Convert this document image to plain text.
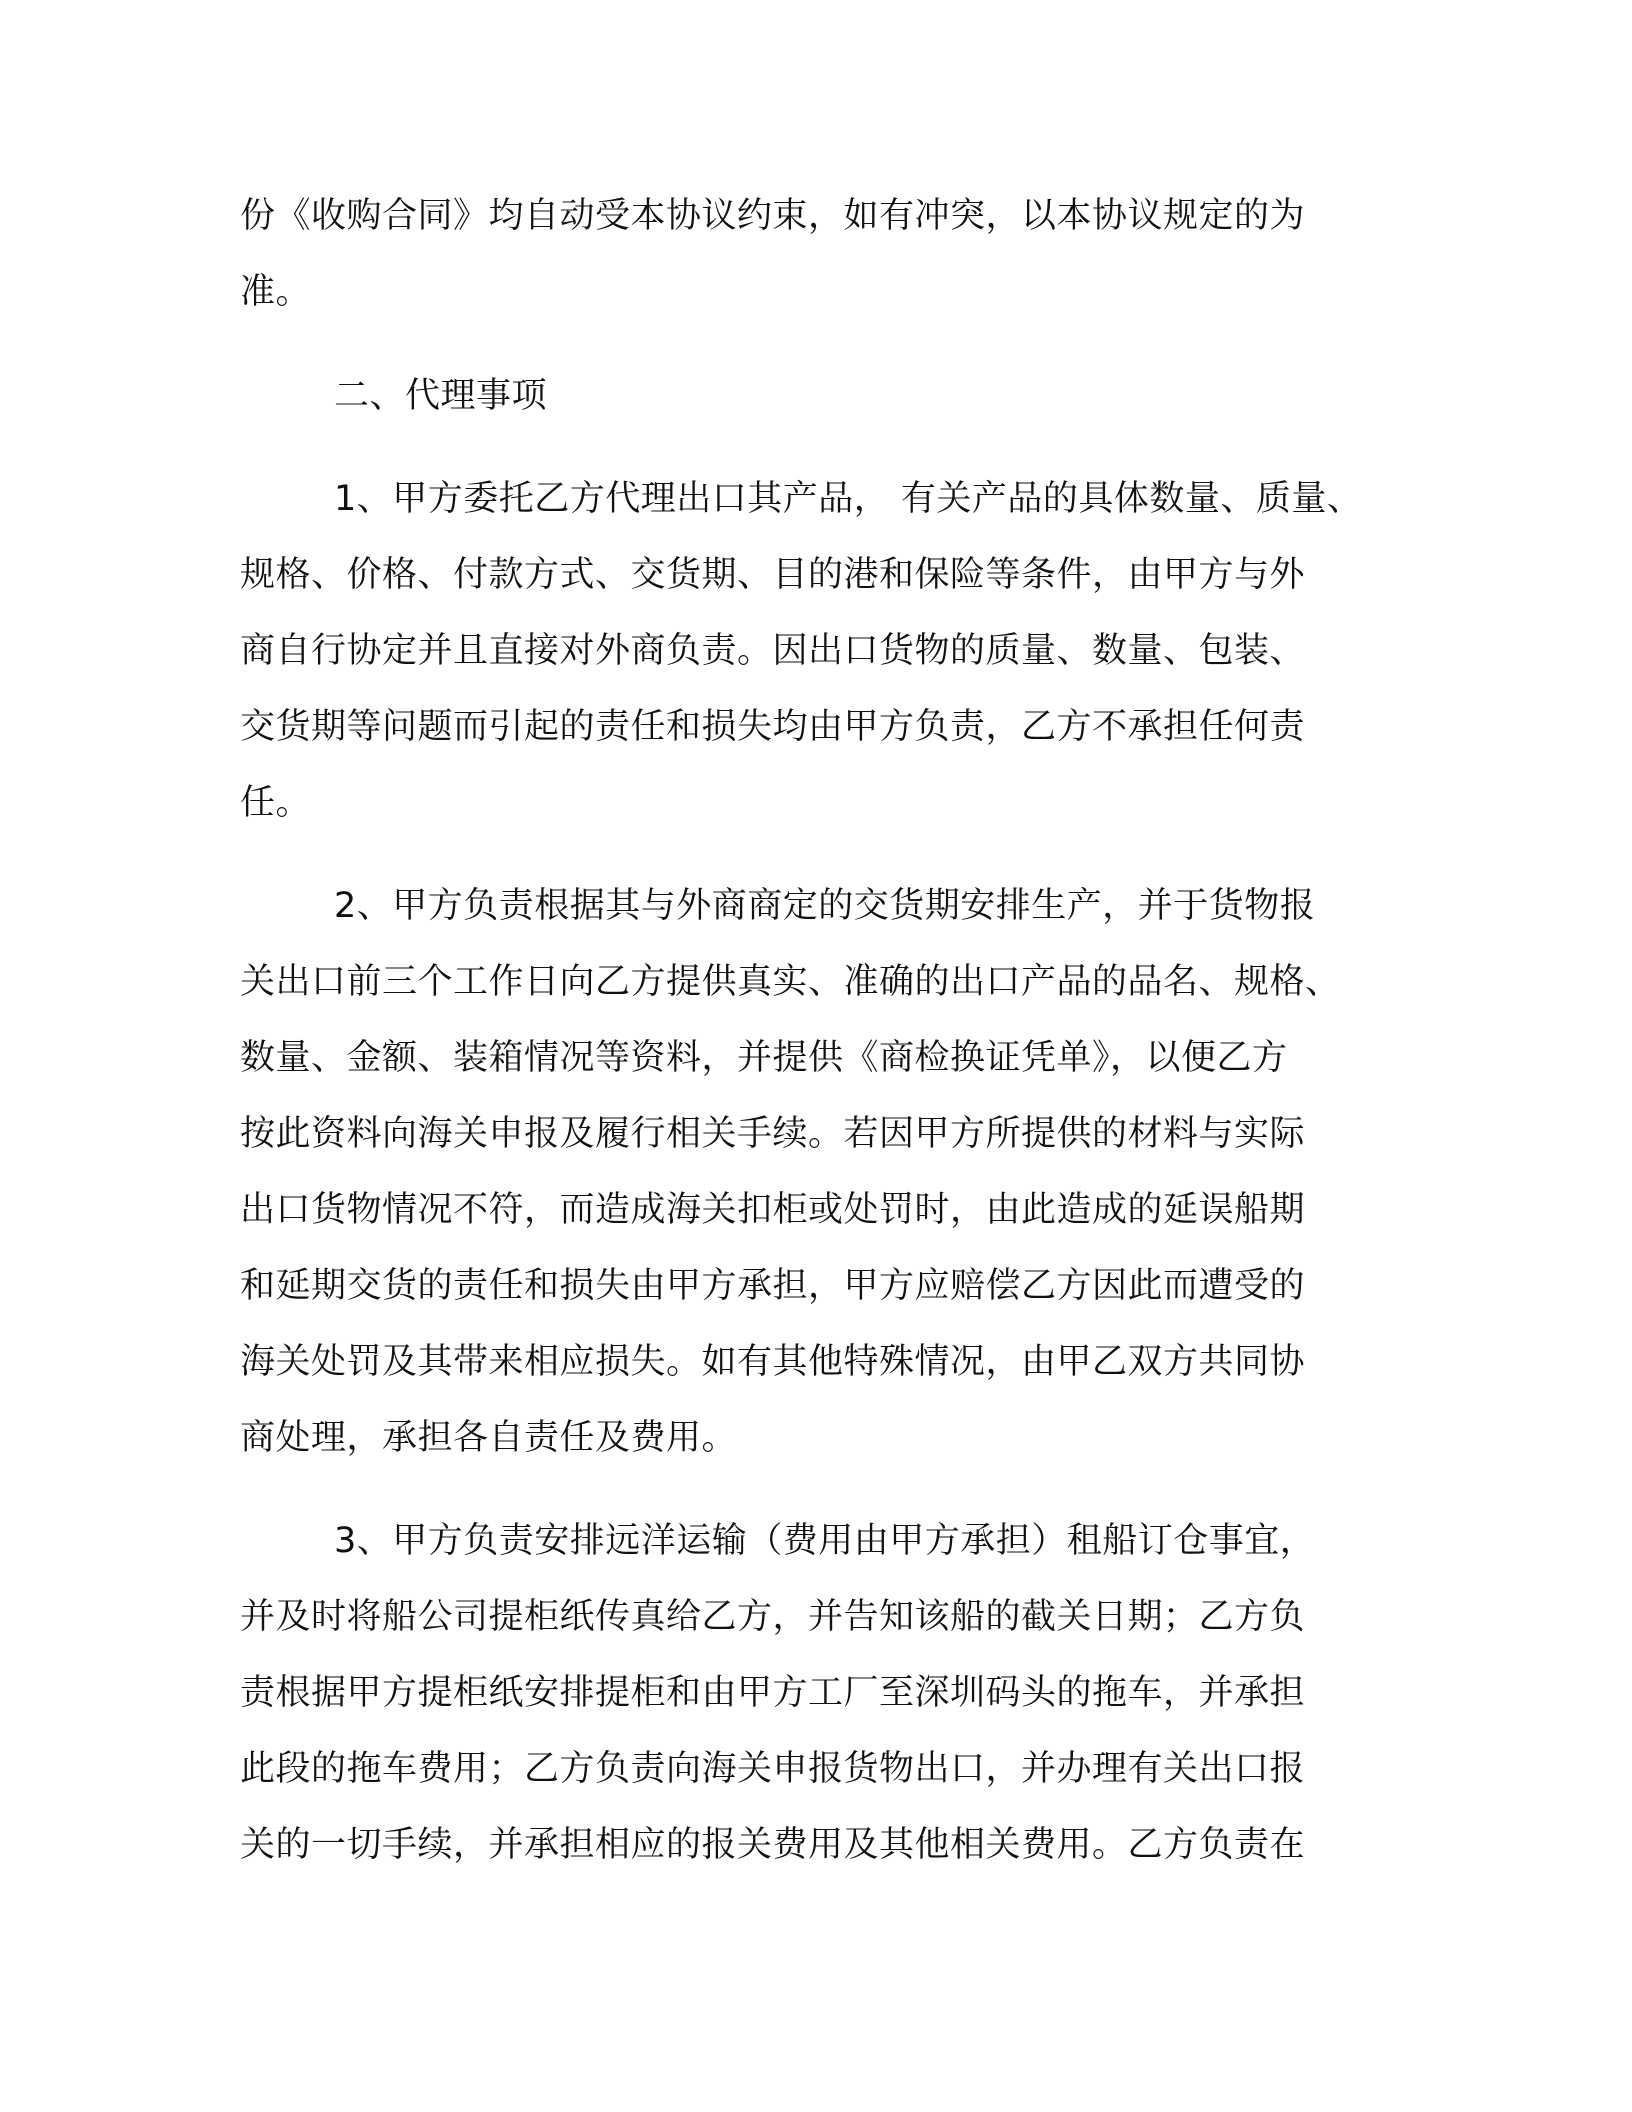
份《收购合同》均自动受本协议约束，如有冲突，以本协议规定的为
准。
二、代理事项
1、甲方委托乙方代理出口其产品， 有关产品的具体数量、质量、
规格、价格、付款方式、交货期、目的港和保险等条件，由甲方与外
商自行协定并且直接对外商负责。因出口货物的质量、数量、包装、
交货期等问题而引起的责任和损失均由甲方负责，乙方不承担任何责
任。
2、甲方负责根据其与外商商定的交货期安排生产，并于货物报
关出口前三个工作日向乙方提供真实、准确的出口产品的品名、规格、
数量、金额、装箱情况等资料，并提供《商检换证凭单》，以便乙方
按此资料向海关申报及履行相关手续。若因甲方所提供的材料与实际
出口货物情况不符，而造成海关扣柜或处罚时，由此造成的延误船期
和延期交货的责任和损失由甲方承担，甲方应赔偿乙方因此而遭受的
海关处罚及其带来相应损失。如有其他特殊情况，由甲乙双方共同协
商处理，承担各自责任及费用。
3、甲方负责安排远洋运输（费用由甲方承担）租船订仓事宜，
并及时将船公司提柜纸传真给乙方，并告知该船的截关日期；乙方负
责根据甲方提柜纸安排提柜和由甲方工厂至深圳码头的拖车，并承担
此段的拖车费用；乙方负责向海关申报货物出口，并办理有关出口报
关的一切手续，并承担相应的报关费用及其他相关费用。乙方负责在
